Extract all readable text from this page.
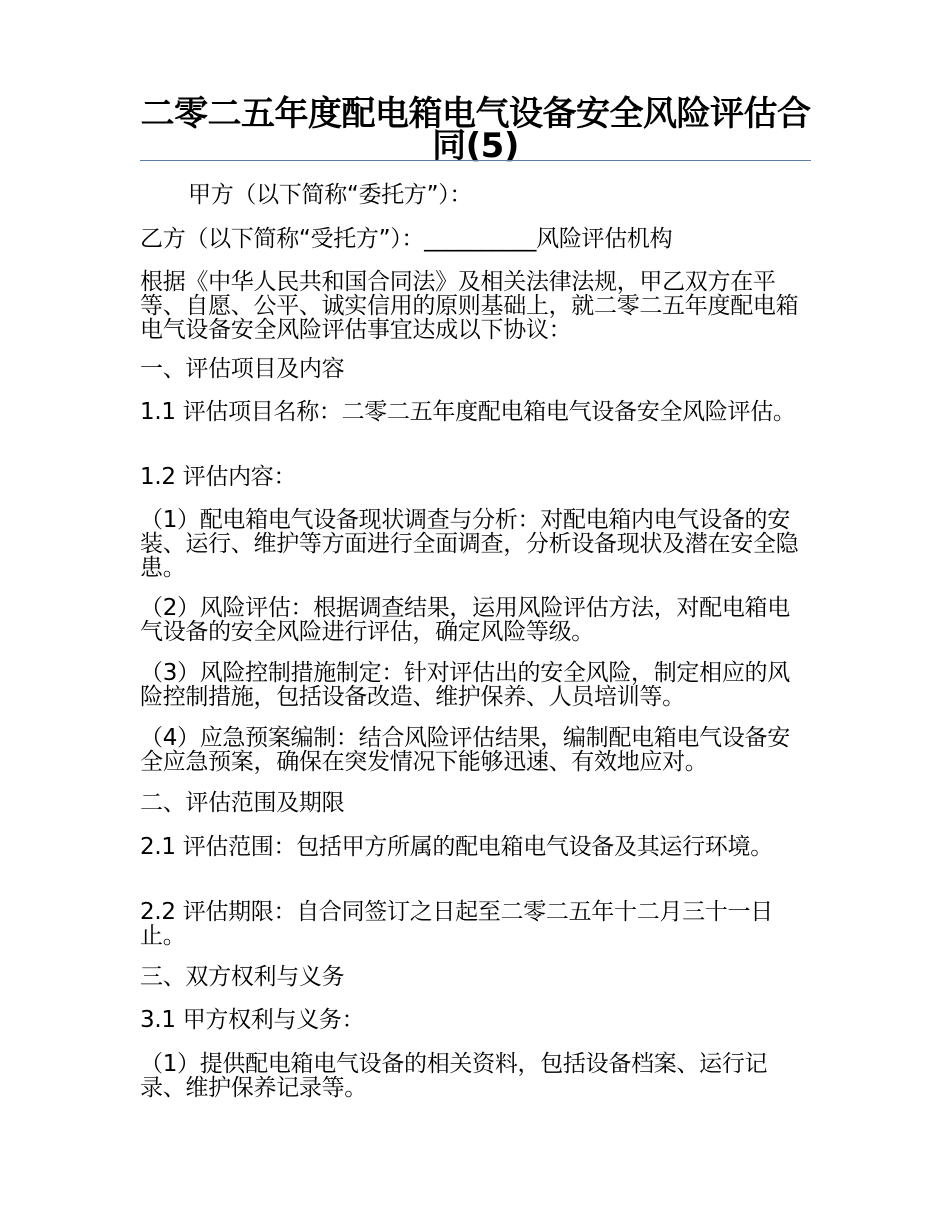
二零二五年度配电箱电气设备安全风险评估合同(5)

甲方（以下简称“委托方”）：

乙方（以下简称“受托方”）：__________风险评估机构

根据《中华人民共和国合同法》及相关法律法规，甲乙双方在平等、自愿、公平、诚实信用的原则基础上，就二零二五年度配电箱电气设备安全风险评估事宜达成以下协议：

一、评估项目及内容

1.1 评估项目名称：二零二五年度配电箱电气设备安全风险评估。

1.2 评估内容：

（1）配电箱电气设备现状调查与分析：对配电箱内电气设备的安装、运行、维护等方面进行全面调查，分析设备现状及潜在安全隐患。

（2）风险评估：根据调查结果，运用风险评估方法，对配电箱电气设备的安全风险进行评估，确定风险等级。

（3）风险控制措施制定：针对评估出的安全风险，制定相应的风险控制措施，包括设备改造、维护保养、人员培训等。

（4）应急预案编制：结合风险评估结果，编制配电箱电气设备安全应急预案，确保在突发情况下能够迅速、有效地应对。

二、评估范围及期限

2.1 评估范围：包括甲方所属的配电箱电气设备及其运行环境。

2.2 评估期限：自合同签订之日起至二零二五年十二月三十一日止。

三、双方权利与义务

3.1 甲方权利与义务：

（1）提供配电箱电气设备的相关资料，包括设备档案、运行记录、维护保养记录等。
